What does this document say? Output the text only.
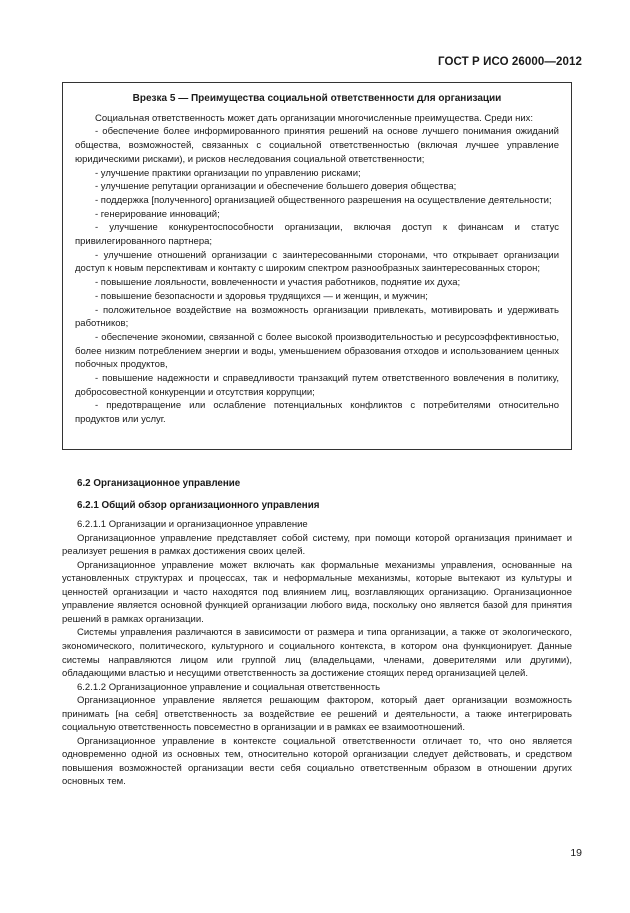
ГОСТ Р ИСО 26000—2012
Врезка 5 — Преимущества социальной ответственности для организации

Социальная ответственность может дать организации многочисленные преимущества. Среди них:

- обеспечение более информированного принятия решений на основе лучшего понимания ожиданий общества, возможностей, связанных с социальной ответственностью (включая лучшее управление юридическими рисками), и рисков неследования социальной ответственности;

- улучшение практики организации по управлению рисками;

- улучшение репутации организации и обеспечение большего доверия общества;

- поддержка [полученного] организацией общественного разрешения на осуществление деятельности;

- генерирование инноваций;

- улучшение конкурентоспособности организации, включая доступ к финансам и статус привилегированного партнера;

- улучшение отношений организации с заинтересованными сторонами, что открывает организации доступ к новым перспективам и контакту с широким спектром разнообразных заинтересованных сторон;

- повышение лояльности, вовлеченности и участия работников, поднятие их духа;

- повышение безопасности и здоровья трудящихся — и женщин, и мужчин;

- положительное воздействие на возможность организации привлекать, мотивировать и удерживать работников;

- обеспечение экономии, связанной с более высокой производительностью и ресурсоэффективностью, более низким потреблением энергии и воды, уменьшением образования отходов и использованием ценных побочных продуктов,

- повышение надежности и справедливости транзакций путем ответственного вовлечения в политику, добросовестной конкуренции и отсутствия коррупции;

- предотвращение или ослабление потенциальных конфликтов с потребителями относительно продуктов или услуг.

6.2 Организационное управление
6.2.1 Общий обзор организационного управления

6.2.1.1 Организации и организационное управление

Организационное управление представляет собой систему, при помощи которой организация принимает и реализует решения в рамках достижения своих целей.

Организационное управление может включать как формальные механизмы управления, основанные на установленных структурах и процессах, так и неформальные механизмы, которые вытекают из культуры и ценностей организации и часто находятся под влиянием лиц, возглавляющих организацию. Организационное управление является основной функцией организации любого вида, поскольку оно является базой для принятия решений в рамках организации.

Системы управления различаются в зависимости от размера и типа организации, а также от экологического, экономического, политического, культурного и социального контекста, в котором она функционирует. Данные системы направляются лицом или группой лиц (владельцами, членами, доверителями или другими), обладающими властью и несущими ответственность за достижение стоящих перед организацией целей.

6.2.1.2 Организационное управление и социальная ответственность

Организационное управление является решающим фактором, который дает организации возможность принимать [на себя] ответственность за воздействие ее решений и деятельности, а также интегрировать социальную ответственность повсеместно в организации и в рамках ее взаимоотношений.

Организационное управление в контексте социальной ответственности отличает то, что оно является одновременно одной из основных тем, относительно которой организации следует действовать, и средством повышения возможностей организации вести себя социально ответственным образом в отношении других основных тем.

19
